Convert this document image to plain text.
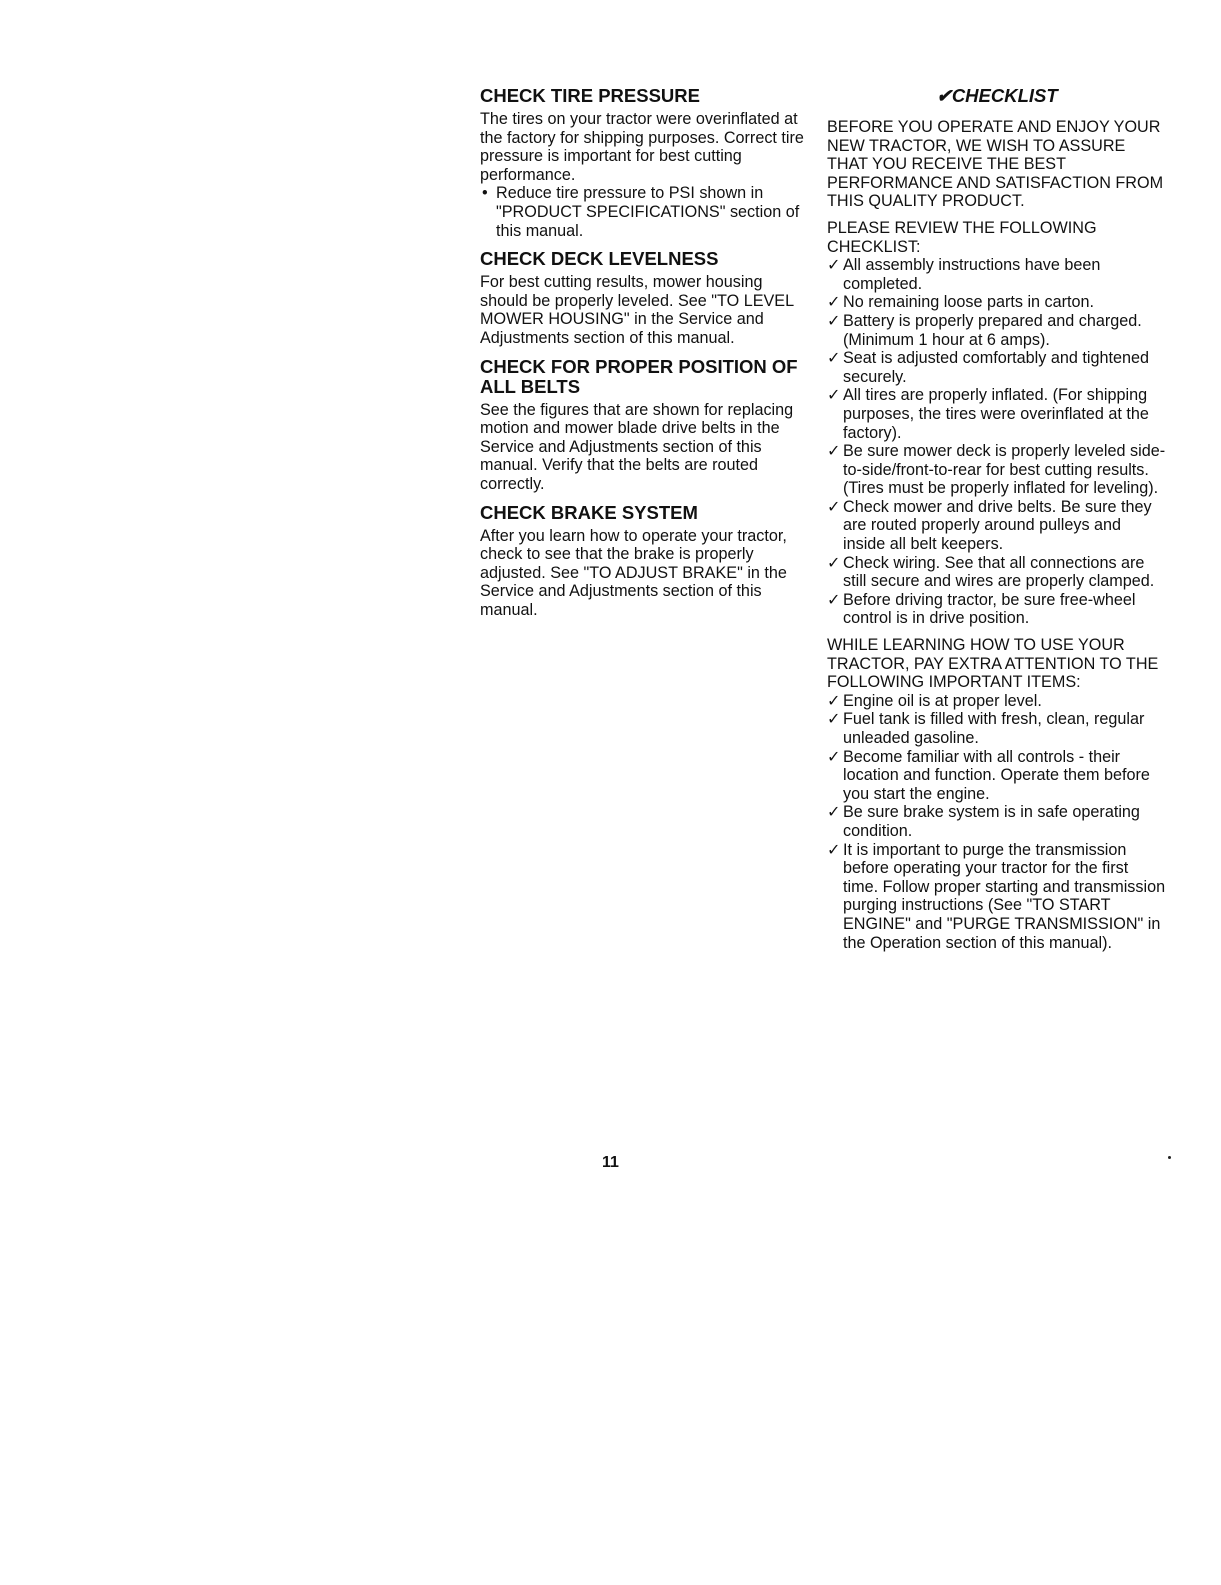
CHECK TIRE PRESSURE

The tires on your tractor were overinflated at the factory for shipping purposes. Correct tire pressure is important for best cutting performance.

• Reduce tire pressure to PSI shown in "PRODUCT SPECIFICATIONS" section of this manual.
CHECK DECK LEVELNESS

For best cutting results, mower housing should be properly leveled. See "TO LEVEL MOWER HOUSING" in the Service and Adjustments section of this manual.

CHECK FOR PROPER POSITION OF ALL BELTS

See the figures that are shown for replacing motion and mower blade drive belts in the Service and Adjustments section of this manual. Verify that the belts are routed correctly.

CHECK BRAKE SYSTEM

After you learn how to operate your tractor, check to see that the brake is properly adjusted. See "TO ADJUST BRAKE" in the Service and Adjustments section of this manual.

✔CHECKLIST

BEFORE YOU OPERATE AND ENJOY YOUR NEW TRACTOR, WE WISH TO ASSURE THAT YOU RECEIVE THE BEST PERFORMANCE AND SATISFACTION FROM THIS QUALITY PRODUCT.

PLEASE REVIEW THE FOLLOWING CHECKLIST:

✓ All assembly instructions have been completed.
✓ No remaining loose parts in carton.
✓ Battery is properly prepared and charged. (Minimum 1 hour at 6 amps).
✓ Seat is adjusted comfortably and tightened securely.
✓ All tires are properly inflated. (For shipping purposes, the tires were overinflated at the factory).
✓ Be sure mower deck is properly leveled side-to-side/front-to-rear for best cutting results. (Tires must be properly inflated for leveling).
✓ Check mower and drive belts. Be sure they are routed properly around pulleys and inside all belt keepers.
✓ Check wiring. See that all connections are still secure and wires are properly clamped.
✓ Before driving tractor, be sure free-wheel control is in drive position.

WHILE LEARNING HOW TO USE YOUR TRACTOR, PAY EXTRA ATTENTION TO THE FOLLOWING IMPORTANT ITEMS:

✓ Engine oil is at proper level.
✓ Fuel tank is filled with fresh, clean, regular unleaded gasoline.
✓ Become familiar with all controls - their location and function. Operate them before you start the engine.
✓ Be sure brake system is in safe operating condition.
✓ It is important to purge the transmission before operating your tractor for the first time. Follow proper starting and transmission purging instructions (See "TO START ENGINE" and "PURGE TRANSMISSION" in the Operation section of this manual).
11
